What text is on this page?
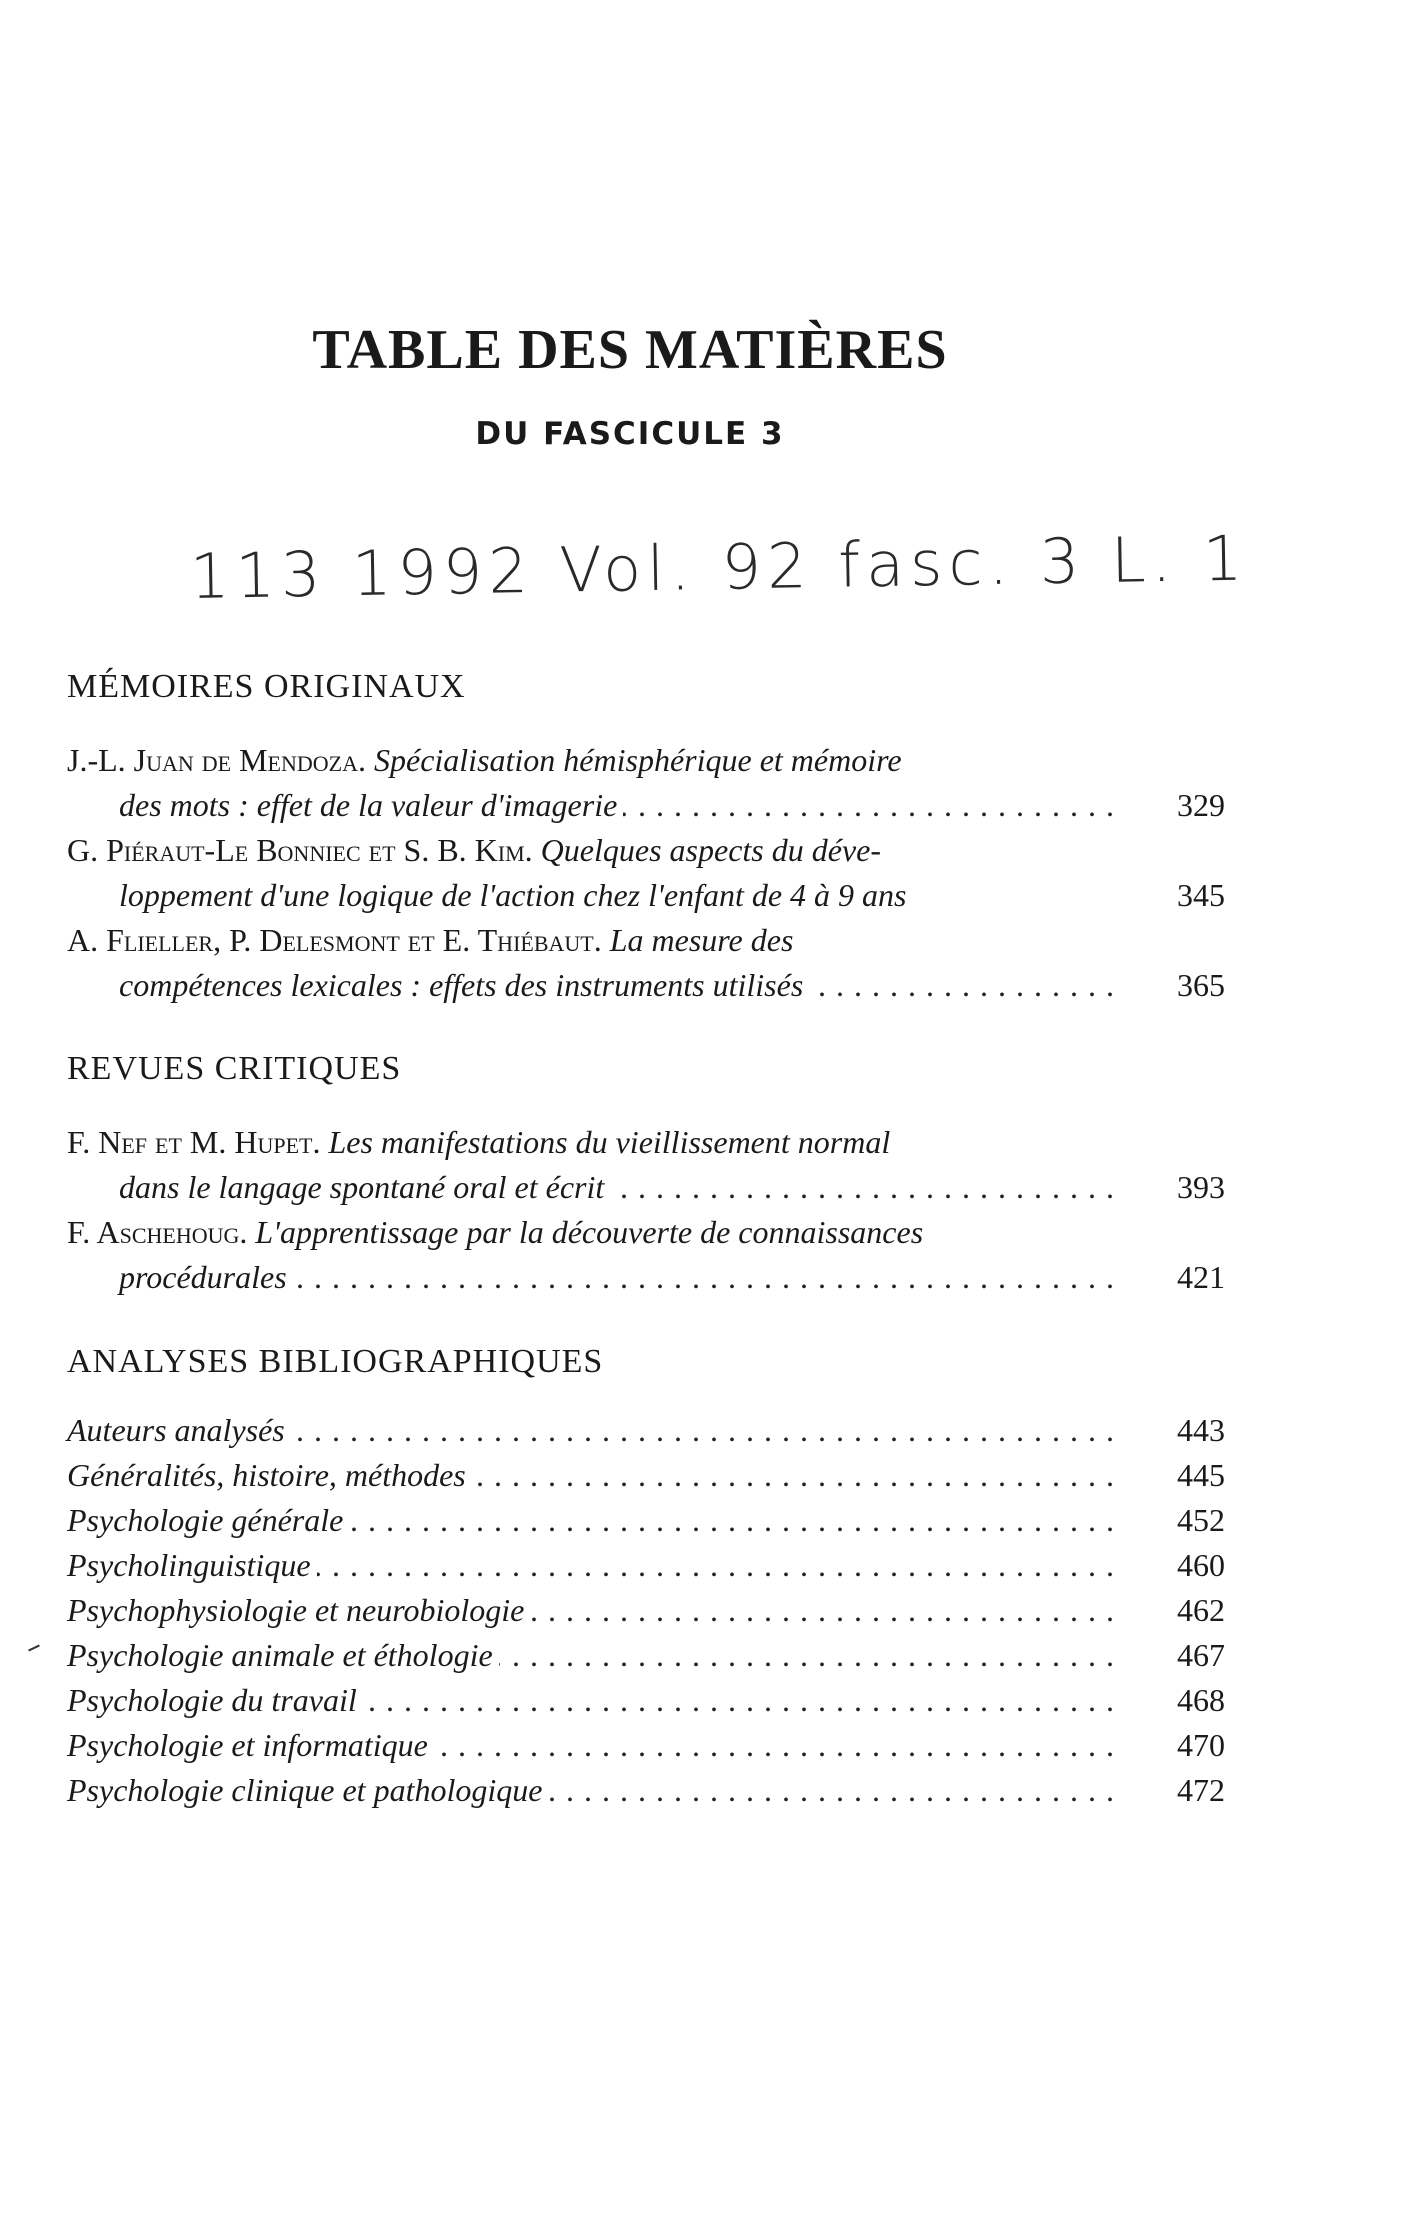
TABLE DES MATIÈRES
DU FASCICULE 3
113 1992 Vol. 92 fasc. 3 L. 1
MÉMOIRES ORIGINAUX
J.-L. Juan de Mendoza. Spécialisation hémisphérique et mémoire
. . . des mots : effet de la valeur d'imagerie	329
G. Piéraut-Le Bonniec et S. B. Kim. Quelques aspects du déve-
loppement d'une logique de l'action chez l'enfant de 4 à 9 ans	345
A. Flieller, P. Delesmont et E. Thiébaut. La mesure des
. . . compétences lexicales : effets des instruments utilisés	365
REVUES CRITIQUES
F. Nef et M. Hupet. Les manifestations du vieillissement normal
. . . dans le langage spontané oral et écrit	393
F. Aschehoug. L'apprentissage par la découverte de connaissances
. . . procédurales	421
ANALYSES BIBLIOGRAPHIQUES
. . . Auteurs analysés	443
. . . Généralités, histoire, méthodes	445
. . . Psychologie générale	452
. . . Psycholinguistique	460
. . . Psychophysiologie et neurobiologie	462
. . . Psychologie animale et éthologie	467
. . . Psychologie du travail	468
. . . Psychologie et informatique	470
. . . Psychologie clinique et pathologique	472
